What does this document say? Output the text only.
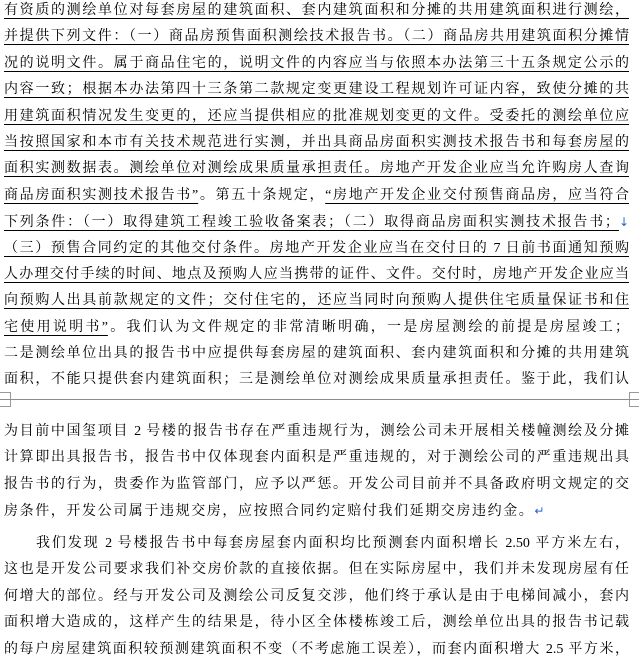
有资质的测绘单位对每套房屋的建筑面积、套内建筑面积和分摊的共用建筑面积进行测绘，
并提供下列文件：（一）商品房预售面积测绘技术报告书。（二）商品房共用建筑面积分摊情
况的说明文件。属于商品住宅的，说明文件的内容应当与依照本办法第三十五条规定公示的
内容一致；根据本办法第四十三条第二款规定变更建设工程规划许可证内容，致使分摊的共
用建筑面积情况发生变更的，还应当提供相应的批准规划变更的文件。受委托的测绘单位应
当按照国家和本市有关技术规范进行实测，并出具商品房面积实测技术报告书和每套房屋的
面积实测数据表。测绘单位对测绘成果质量承担责任。房地产开发企业应当允许购房人查询
商品房面积实测技术报告书”。第五十条规定，“房地产开发企业交付预售商品房，应当符合
下列条件：（一）取得建筑工程竣工验收备案表；（二）取得商品房面积实测技术报告书；↓
（三）预售合同约定的其他交付条件。房地产开发企业应当在交付日的 7 日前书面通知预购
人办理交付手续的时间、地点及预购人应当携带的证件、文件。交付时，房地产开发企业应当
向预购人出具前款规定的文件；交付住宅的，还应当同时向预购人提供住宅质量保证书和住
宅使用说明书”。我们认为文件规定的非常清晰明确，一是房屋测绘的前提是房屋竣工；
二是测绘单位出具的报告书中应提供每套房屋的建筑面积、套内建筑面积和分摊的共用建筑
面积，不能只提供套内建筑面积；三是测绘单位对测绘成果质量承担责任。鉴于此，我们认
为目前中国玺项目 2 号楼的报告书存在严重违规行为，测绘公司未开展相关楼幢测绘及分摊
计算即出具报告书，报告书中仅体现套内面积是严重违规的，对于测绘公司的严重违规出具
报告书的行为，贵委作为监管部门，应予以严惩。开发公司目前并不具备政府明文规定的交
房条件，开发公司属于违规交房，应按照合同约定赔付我们延期交房违约金。↵
我们发现 2 号楼报告书中每套房屋套内面积均比预测套内面积增长 2.50 平方米左右，
这也是开发公司要求我们补交房价款的直接依据。但在实际房屋中，我们并未发现房屋有任
何增大的部位。经与开发公司及测绘公司反复交涉，他们终于承认是由于电梯间减小，套内
面积增大造成的，这样产生的结果是，待小区全体楼栋竣工后，测绘单位出具的报告书记载
的每户房屋建筑面积较预测建筑面积不变（不考虑施工误差），而套内面积增大 2.5 平方米，
